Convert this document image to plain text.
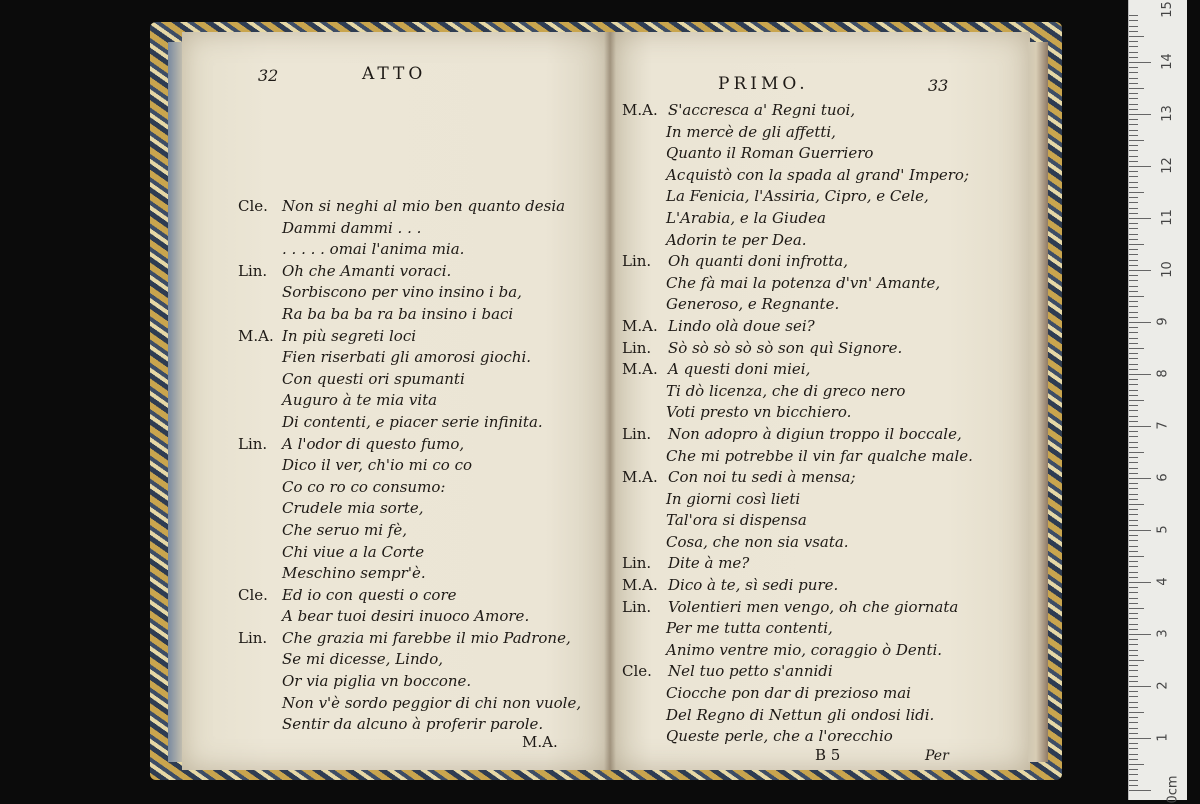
32	ATTO	PRIMO.	33
Cle. Non si neghi al mio ben quanto desia
Dammi dammi . . .
. . . . . omai l'anima mia.
Lin. Oh che Amanti voraci.
Sorbiscono per vino insino i ba,
Ra ba ba ba ra ba insino i baci
M.A. In più segreti loci
Fien riserbati gli amorosi giochi.
Con questi ori spumanti
Auguro à te mia vita
Di contenti, e piacer serie infinita.
Lin. A l'odor di questo fumo,
Dico il ver, ch'io mi co co
Co co ro co consumo:
Crudele mia sorte,
Che seruo mi fè,
Chi viue a la Corte
Meschino sempr'è.
Cle. Ed io con questi o core
A bear tuoi desiri inuoco Amore.
Lin. Che grazia mi farebbe il mio Padrone,
Se mi dicesse, Lindo,
Or via piglia vn boccone.
Non v'è sordo peggior di chi non vuole,
Sentir da alcuno à proferir parole.
M.A.
M.A. S'accresca a' Regni tuoi,
In mercè de gli affetti,
Quanto il Roman Guerriero
Acquistò con la spada al grand' Impero;
La Fenicia, l'Assiria, Cipro, e Cele,
L'Arabia, e la Giudea
Adorin te per Dea.
Lin. Oh quanti doni infrotta,
Che fà mai la potenza d'vn' Amante,
Generoso, e Regnante.
M.A. Lindo olà doue sei?
Lin. Sò sò sò sò sò son quì Signore.
M.A. A questi doni miei,
Ti dò licenza, che di greco nero
Voti presto vn bicchiero.
Lin. Non adopro à digiun troppo il boccale,
Che mi potrebbe il vin far qualche male.
M.A. Con noi tu sedi à mensa;
In giorni così lieti
Tal'ora si dispensa
Cosa, che non sia vsata.
Lin. Dite à me?
M.A. Dico à te, sì sedi pure.
Lin. Volentieri men vengo, oh che giornata
Per me tutta contenti,
Animo ventre mio, coraggio ò Denti.
Cle. Nel tuo petto s'annidi
Ciocche pon dar di prezioso mai
Del Regno di Nettun gli ondosi lidi.
Queste perle, che a l'orecchio
B 5	Per
0cm
1
2
3
4
5
6
7
8
9
10
11
12
13
14
15
